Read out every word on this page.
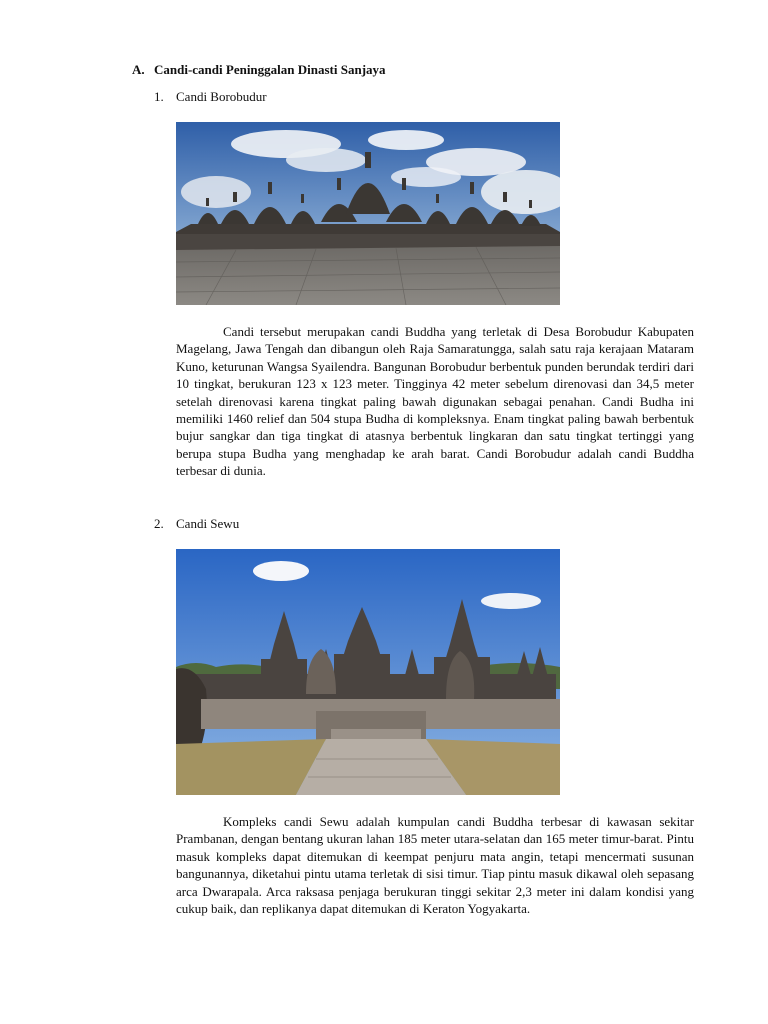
A. Candi-candi Peninggalan Dinasti Sanjaya
1. Candi Borobudur

Candi tersebut merupakan candi Buddha yang terletak di Desa Borobudur Kabupaten Magelang, Jawa Tengah dan dibangun oleh Raja Samaratungga, salah satu raja kerajaan Mataram Kuno, keturunan Wangsa Syailendra. Bangunan Borobudur berbentuk punden berundak terdiri dari 10 tingkat, berukuran 123 x 123 meter. Tingginya 42 meter sebelum direnovasi dan 34,5 meter setelah direnovasi karena tingkat paling bawah digunakan sebagai penahan. Candi Budha ini memiliki 1460 relief dan 504 stupa Budha di kompleksnya. Enam tingkat paling bawah berbentuk bujur sangkar dan tiga tingkat di atasnya berbentuk lingkaran dan satu tingkat tertinggi yang berupa stupa Budha yang menghadap ke arah barat. Candi Borobudur adalah candi Buddha terbesar di dunia.

2. Candi Sewu

Kompleks candi Sewu adalah kumpulan candi Buddha terbesar di kawasan sekitar Prambanan, dengan bentang ukuran lahan 185 meter utara-selatan dan 165 meter timur-barat. Pintu masuk kompleks dapat ditemukan di keempat penjuru mata angin, tetapi mencermati susunan bangunannya, diketahui pintu utama terletak di sisi timur. Tiap pintu masuk dikawal oleh sepasang arca Dwarapala. Arca raksasa penjaga berukuran tinggi sekitar 2,3 meter ini dalam kondisi yang cukup baik, dan replikanya dapat ditemukan di Keraton Yogyakarta.
